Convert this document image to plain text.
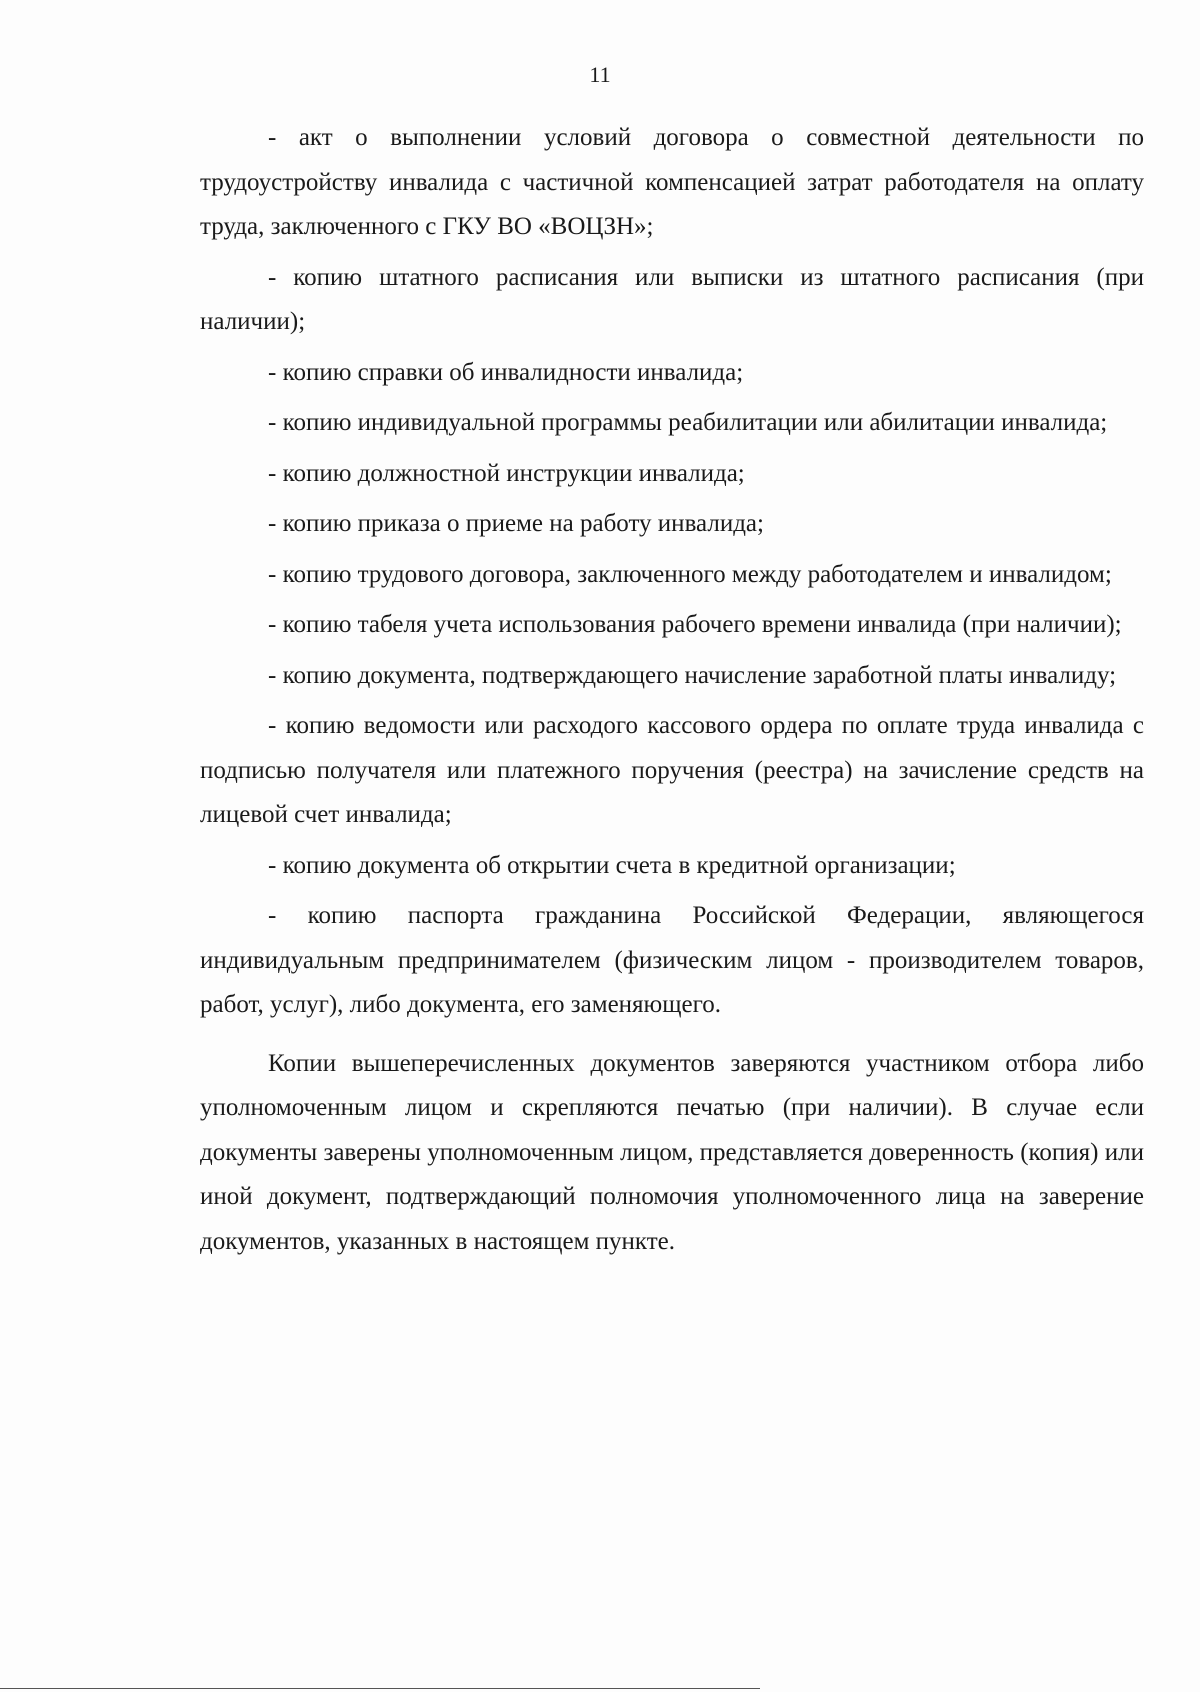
11

- акт о выполнении условий договора о совместной деятельности по трудоустройству инвалида с частичной компенсацией затрат работодателя на оплату труда, заключенного с ГКУ ВО «ВОЦЗН»;

- копию штатного расписания или выписки из штатного расписания (при наличии);

- копию справки об инвалидности инвалида;

- копию индивидуальной программы реабилитации или абилитации инвалида;

- копию должностной инструкции инвалида;

- копию приказа о приеме на работу инвалида;

- копию трудового договора, заключенного между работодателем и инвалидом;

- копию табеля учета использования рабочего времени инвалида (при наличии);

- копию документа, подтверждающего начисление заработной платы инвалиду;

- копию ведомости или расходого кассового ордера по оплате труда инвалида с подписью получателя или платежного поручения (реестра) на зачисление средств на лицевой счет инвалида;

- копию документа об открытии счета в кредитной организации;

- копию паспорта гражданина Российской Федерации, являющегося индивидуальным предпринимателем (физическим лицом - производителем товаров, работ, услуг), либо документа, его заменяющего.

Копии вышеперечисленных документов заверяются участником отбора либо уполномоченным лицом и скрепляются печатью (при наличии). В случае если документы заверены уполномоченным лицом, представляется доверенность (копия) или иной документ, подтверждающий полномочия уполномоченного лица на заверение документов, указанных в настоящем пункте.
